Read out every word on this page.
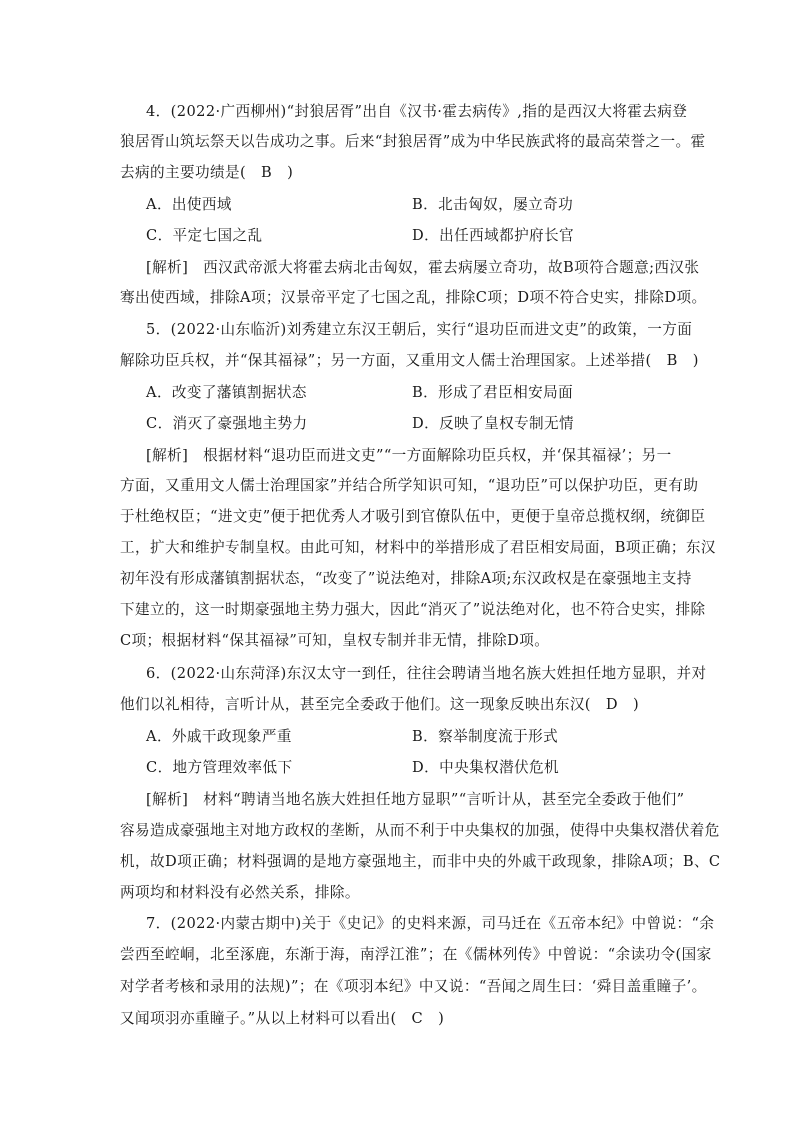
4．(2022·广西柳州)“封狼居胥”出自《汉书·霍去病传》,指的是西汉大将霍去病登
狼居胥山筑坛祭天以告成功之事。后来“封狼居胥”成为中华民族武将的最高荣誉之一。霍
去病的主要功绩是(　B　)
A．出使西域	B．北击匈奴，屡立奇功
C．平定七国之乱	D．出任西域都护府长官
[解析]　西汉武帝派大将霍去病北击匈奴，霍去病屡立奇功，故B项符合题意;西汉张
骞出使西域，排除A项；汉景帝平定了七国之乱，排除C项；D项不符合史实，排除D项。
5．(2022·山东临沂)刘秀建立东汉王朝后，实行“退功臣而进文吏”的政策，一方面
解除功臣兵权，并“保其福禄”；另一方面，又重用文人儒士治理国家。上述举措(　B　)
A．改变了藩镇割据状态	B．形成了君臣相安局面
C．消灭了豪强地主势力	D．反映了皇权专制无情
[解析]　根据材料“退功臣而进文吏”“一方面解除功臣兵权，并‘保其福禄’；另一
方面，又重用文人儒士治理国家”并结合所学知识可知，“退功臣”可以保护功臣，更有助
于杜绝权臣；“进文吏”便于把优秀人才吸引到官僚队伍中，更便于皇帝总揽权纲，统御臣
工，扩大和维护专制皇权。由此可知，材料中的举措形成了君臣相安局面，B项正确；东汉
初年没有形成藩镇割据状态，“改变了”说法绝对，排除A项;东汉政权是在豪强地主支持
下建立的，这一时期豪强地主势力强大，因此“消灭了”说法绝对化，也不符合史实，排除
C项；根据材料“保其福禄”可知，皇权专制并非无情，排除D项。
6．(2022·山东菏泽)东汉太守一到任，往往会聘请当地名族大姓担任地方显职，并对
他们以礼相待，言听计从，甚至完全委政于他们。这一现象反映出东汉(　D　)
A．外戚干政现象严重	B．察举制度流于形式
C．地方管理效率低下	D．中央集权潜伏危机
[解析]　材料“聘请当地名族大姓担任地方显职”“言听计从，甚至完全委政于他们”
容易造成豪强地主对地方政权的垄断，从而不利于中央集权的加强，使得中央集权潜伏着危
机，故D项正确；材料强调的是地方豪强地主，而非中央的外戚干政现象，排除A项；B、C
两项均和材料没有必然关系，排除。
7．(2022·内蒙古期中)关于《史记》的史料来源，司马迁在《五帝本纪》中曾说：“余
尝西至崆峒，北至涿鹿，东渐于海，南浮江淮”；在《儒林列传》中曾说：“余读功令(国家
对学者考核和录用的法规)”；在《项羽本纪》中又说：“吾闻之周生曰：‘舜目盖重瞳子’。
又闻项羽亦重瞳子。”从以上材料可以看出(　C　)
